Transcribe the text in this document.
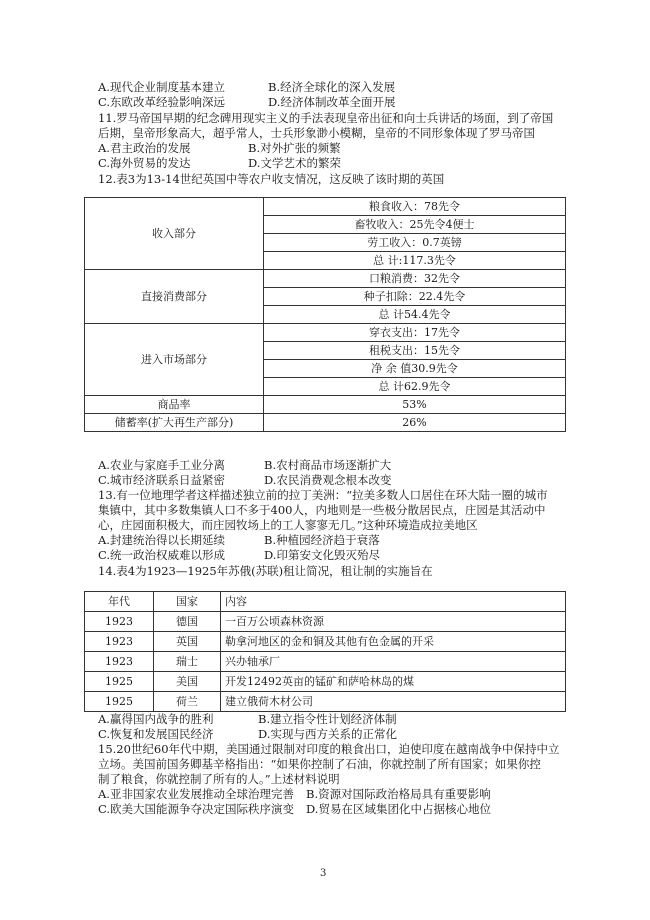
A.现代企业制度基本建立	B.经济全球化的深入发展
C.东欧改革经验影响深远	D.经济体制改革全面开展
11.罗马帝国早期的纪念碑用现实主义的手法表现皇帝出征和向士兵讲话的场面，到了帝国
后期，皇帝形象高大，超乎常人，士兵形象渺小模糊，皇帝的不同形象体现了罗马帝国
A.君主政治的发展	B.对外扩张的频繁
C.海外贸易的发达	D.文学艺术的繁荣
12.表3为13-14世纪英国中等农户收支情况，这反映了该时期的英国
收入部分	粮食收入：78先令
	畜牧收入：25先令4便士
	劳工收入：0.7英镑
	总 计:117.3先令
直接消费部分	口粮消费：32先令
	种子扣除：22.4先令
	总 计54.4先令
进入市场部分	穿衣支出：17先令
	租税支出：15先令
	净 余 值30.9先令
	总 计62.9先令
商品率	53%
储蓄率(扩大再生产部分)	26%
A.农业与家庭手工业分离	B.农村商品市场逐渐扩大
C.城市经济联系日益紧密	D.农民消费观念根本改变
13.有一位地理学者这样描述独立前的拉丁美洲：“拉美多数人口居住在环大陆一圈的城市
集镇中，其中多数集镇人口不多于400人，内地则是一些极分散居民点，庄园是其活动中
心，庄园面积极大，而庄园牧场上的工人寥寥无几。”这种环境造成拉美地区
A.封建统治得以长期延续	B.种植园经济趋于衰落
C.统一政治权威难以形成	D.印第安文化毁灭殆尽
14.表4为1923—1925年苏俄(苏联)租让简况，租让制的实施旨在
年代	国家	内容
1923	德国	一百万公顷森林资源
1923	英国	勒拿河地区的金和铜及其他有色金属的开采
1923	瑞士	兴办轴承厂
1925	美国	开发12492英亩的锰矿和萨哈林岛的煤
1925	荷兰	建立俄荷木材公司
A.赢得国内战争的胜利	B.建立指令性计划经济体制
C.恢复和发展国民经济	D.实现与西方关系的正常化
15.20世纪60年代中期，美国通过限制对印度的粮食出口，迫使印度在越南战争中保持中立
立场。美国前国务卿基辛格指出：“如果你控制了石油，你就控制了所有国家；如果你控
制了粮食，你就控制了所有的人。”上述材料说明
A.亚非国家农业发展推动全球治理完善 B.资源对国际政治格局具有重要影响
C.欧美大国能源争夺决定国际秩序演变 D.贸易在区域集团化中占据核心地位
3
